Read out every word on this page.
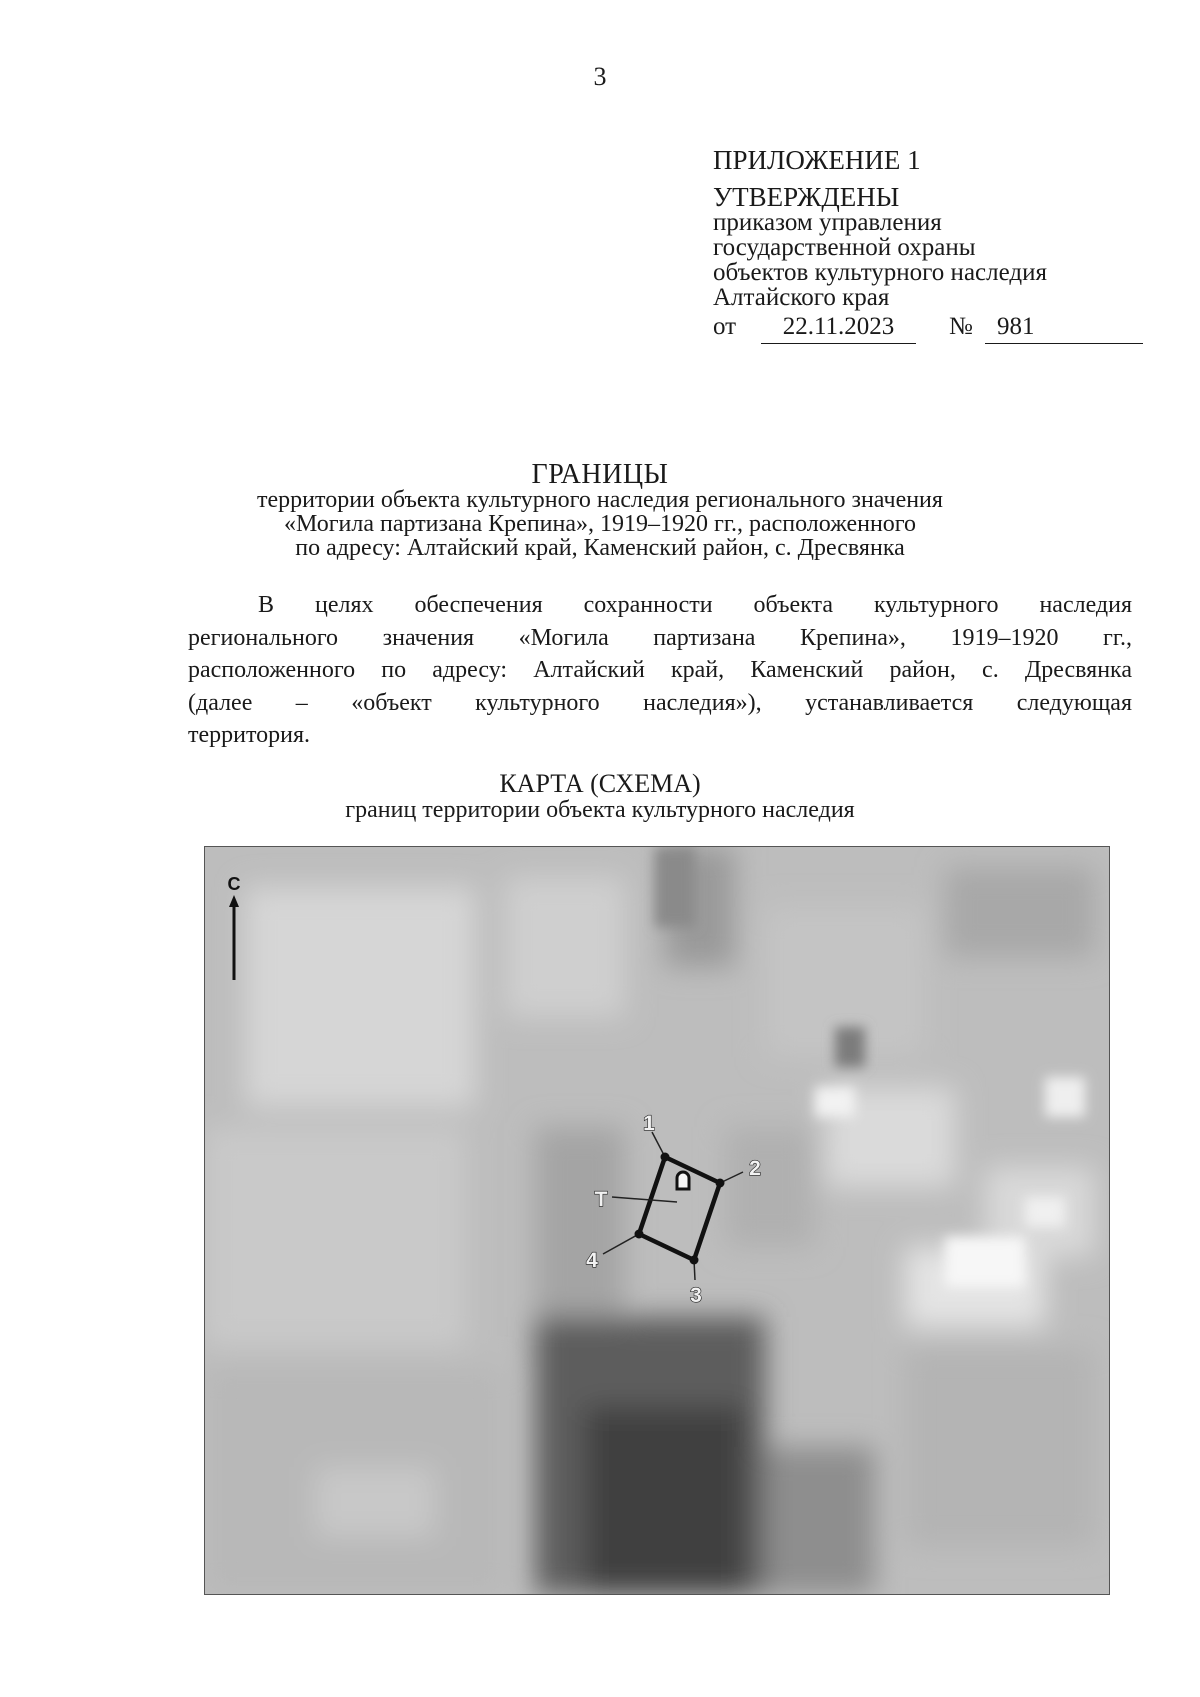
3
ПРИЛОЖЕНИЕ 1
УТВЕРЖДЕНЫ
приказом управления
государственной охраны
объектов культурного наследия
Алтайского края
от	22.11.2023	№ 981
ГРАНИЦЫ
территории объекта культурного наследия регионального значения
«Могила партизана Крепина», 1919–1920 гг., расположенного
по адресу: Алтайский край, Каменский район, с. Дресвянка
В целях обеспечения сохранности объекта культурного наследия
регионального значения «Могила партизана Крепина», 1919–1920 гг.,
расположенного по адресу: Алтайский край, Каменский район, с. Дресвянка
(далее – «объект культурного наследия»), устанавливается следующая
территория.
КАРТА (СХЕМА)
границ территории объекта культурного наследия
С
1
2
3
4
Т
